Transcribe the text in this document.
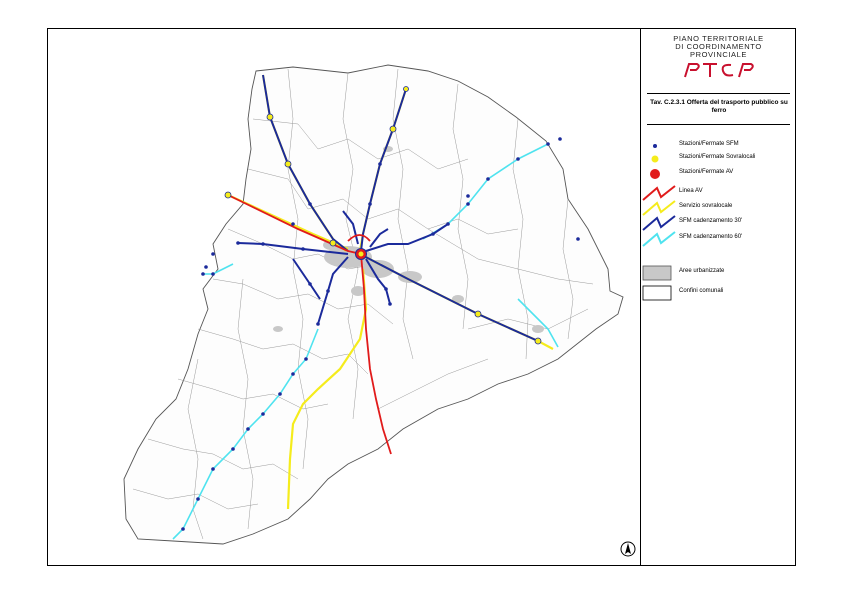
PIANO TERRITORIALE
DI COORDINAMENTO
PROVINCIALE
Tav. C.2.3.1 Offerta del trasporto pubblico su ferro
Stazioni/Fermate SFM
Stazioni/Fermate Sovralocali
Stazioni/Fermate AV
Linea AV
Servizio sovralocale
SFM cadenzamento 30'
SFM cadenzamento 60'
Aree urbanizzate
Confini comunali
